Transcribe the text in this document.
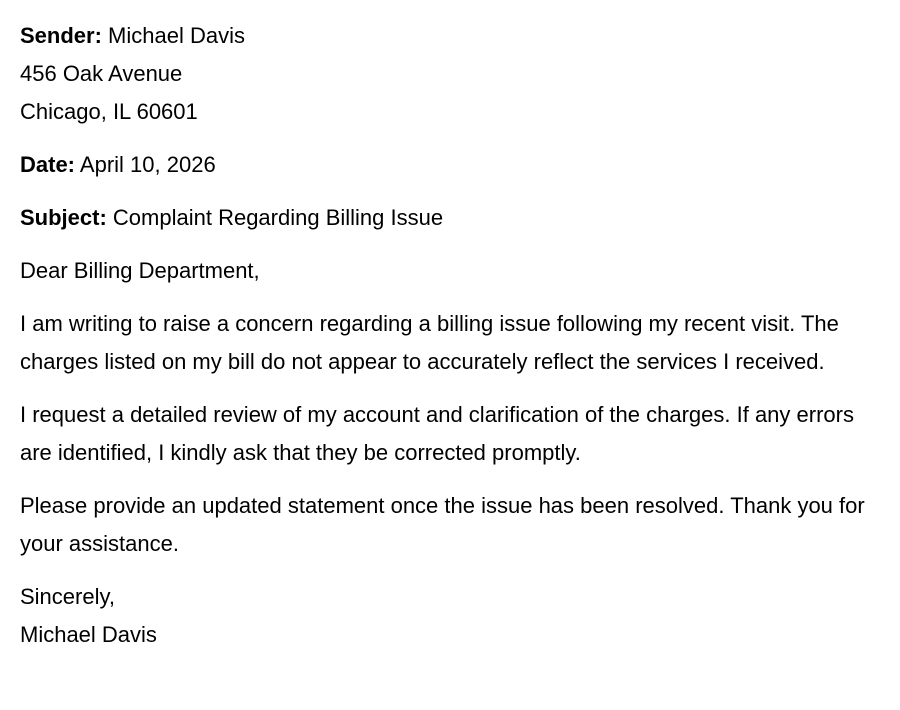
Sender: Michael Davis
456 Oak Avenue
Chicago, IL 60601
Date: April 10, 2026
Subject: Complaint Regarding Billing Issue
Dear Billing Department,

I am writing to raise a concern regarding a billing issue following my recent visit. The charges listed on my bill do not appear to accurately reflect the services I received.

I request a detailed review of my account and clarification of the charges. If any errors are identified, I kindly ask that they be corrected promptly.

Please provide an updated statement once the issue has been resolved. Thank you for your assistance.

Sincerely,
Michael Davis
